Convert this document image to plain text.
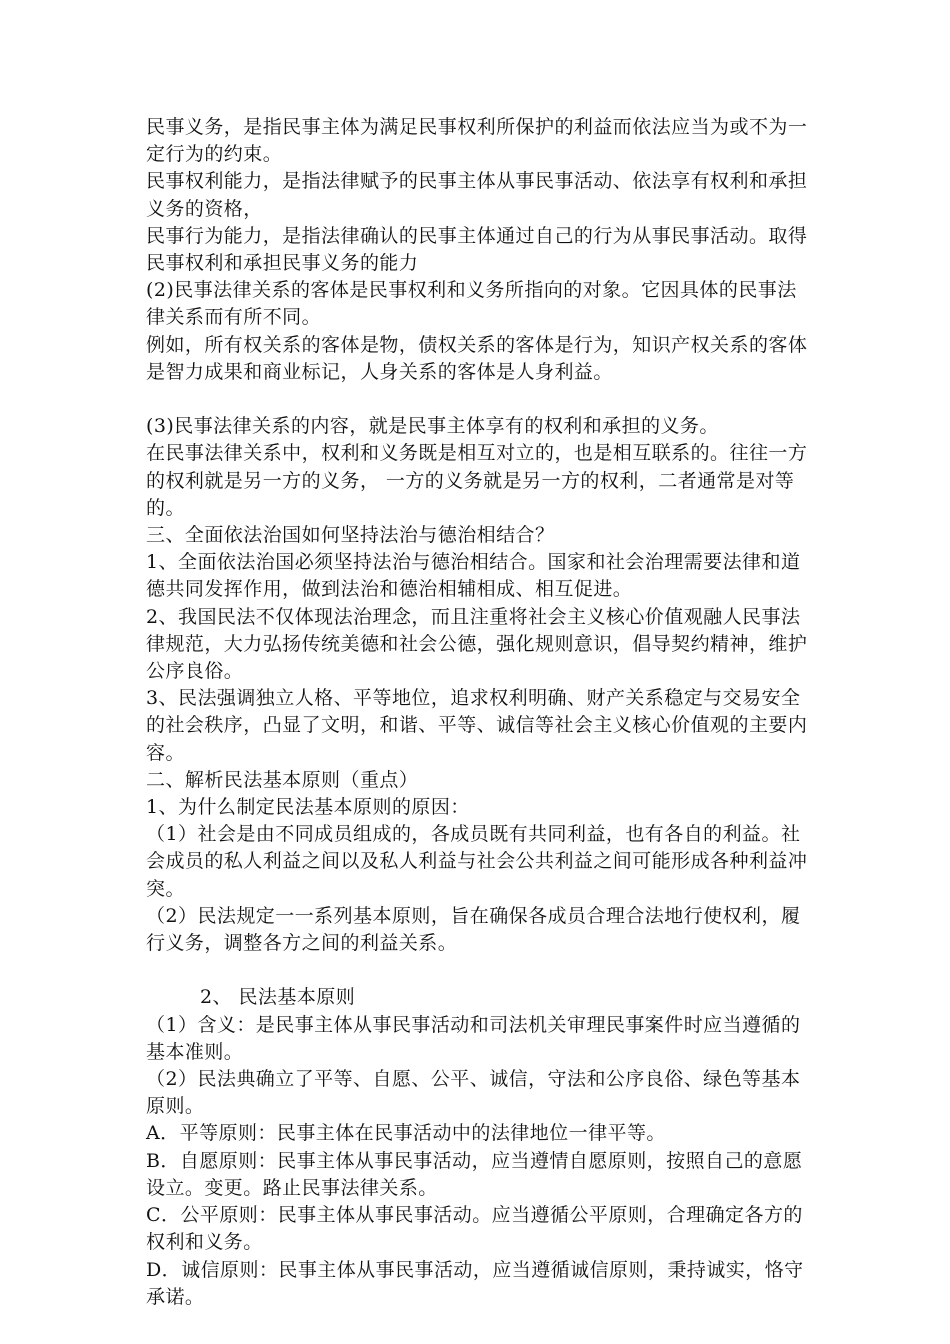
民事义务，是指民事主体为满足民事权利所保护的利益而依法应当为或不为一定行为的约束。

民事权利能力，是指法律赋予的民事主体从事民事活动、依法享有权利和承担义务的资格，

民事行为能力，是指法律确认的民事主体通过自己的行为从事民事活动。取得民事权利和承担民事义务的能力

(2)民事法律关系的客体是民事权利和义务所指向的对象。它因具体的民事法律关系而有所不同。

例如，所有权关系的客体是物，债权关系的客体是行为，知识产权关系的客体是智力成果和商业标记，人身关系的客体是人身利益。

(3)民事法律关系的内容，就是民事主体享有的权利和承担的义务。

在民事法律关系中，权利和义务既是相互对立的，也是相互联系的。往往一方的权利就是另一方的义务， 一方的义务就是另一方的权利，二者通常是对等的。

三、全面依法治国如何坚持法治与德治相结合？

1、全面依法治国必须坚持法治与德治相结合。国家和社会治理需要法律和道德共同发挥作用，做到法治和德治相辅相成、相互促进。

2、我国民法不仅体现法治理念，而且注重将社会主义核心价值观融人民事法律规范，大力弘扬传统美德和社会公德，强化规则意识，倡导契约精神，维护公序良俗。

3、民法强调独立人格、平等地位，追求权利明确、财产关系稳定与交易安全的社会秩序，凸显了文明，和谐、平等、诚信等社会主义核心价值观的主要内容。

二、解析民法基本原则（重点）

1、为什么制定民法基本原则的原因：

（1）社会是由不同成员组成的，各成员既有共同利益，也有各自的利益。社会成员的私人利益之间以及私人利益与社会公共利益之间可能形成各种利益冲突。

（2）民法规定一一系列基本原则，旨在确保各成员合理合法地行使权利，履行义务，调整各方之间的利益关系。

2、 民法基本原则

（1）含义：是民事主体从事民事活动和司法机关审理民事案件时应当遵循的基本准则。

（2）民法典确立了平等、自愿、公平、诚信，守法和公序良俗、绿色等基本原则。

A．平等原则：民事主体在民事活动中的法律地位一律平等。

B．自愿原则：民事主体从事民事活动，应当遵情自愿原则，按照自己的意愿设立。变更。路止民事法律关系。

C．公平原则：民事主体从事民事活动。应当遵循公平原则，合理确定各方的权利和义务。

D．诚信原则：民事主体从事民事活动，应当遵循诚信原则，秉持诚实，恪守承诺。
